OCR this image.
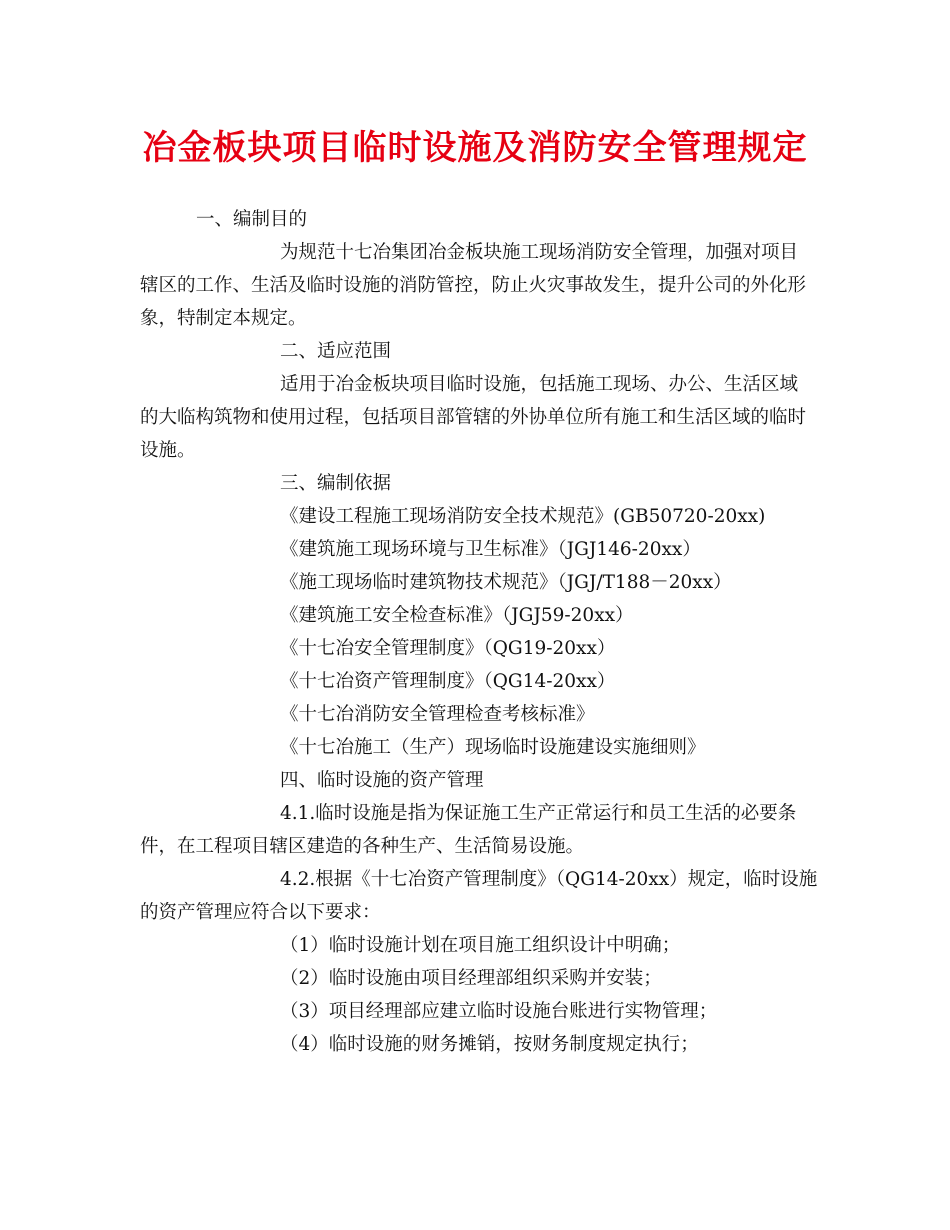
冶金板块项目临时设施及消防安全管理规定
一、编制目的
为规范十七冶集团冶金板块施工现场消防安全管理，加强对项目
辖区的工作、生活及临时设施的消防管控，防止火灾事故发生，提升公司的外化形
象，特制定本规定。
二、适应范围
适用于冶金板块项目临时设施，包括施工现场、办公、生活区域
的大临构筑物和使用过程，包括项目部管辖的外协单位所有施工和生活区域的临时
设施。
三、编制依据
《建设工程施工现场消防安全技术规范》(GB50720-20xx)
《建筑施工现场环境与卫生标准》（JGJ146-20xx）
《施工现场临时建筑物技术规范》（JGJ/T188－20xx）
《建筑施工安全检查标准》（JGJ59-20xx）
《十七冶安全管理制度》（QG19-20xx）
《十七冶资产管理制度》（QG14-20xx）
《十七冶消防安全管理检查考核标准》
《十七冶施工（生产）现场临时设施建设实施细则》
四、临时设施的资产管理
4.1.临时设施是指为保证施工生产正常运行和员工生活的必要条
件，在工程项目辖区建造的各种生产、生活简易设施。
4.2.根据《十七冶资产管理制度》（QG14-20xx）规定，临时设施
的资产管理应符合以下要求：
（1）临时设施计划在项目施工组织设计中明确；
（2）临时设施由项目经理部组织采购并安装；
（3）项目经理部应建立临时设施台账进行实物管理；
（4）临时设施的财务摊销，按财务制度规定执行；
